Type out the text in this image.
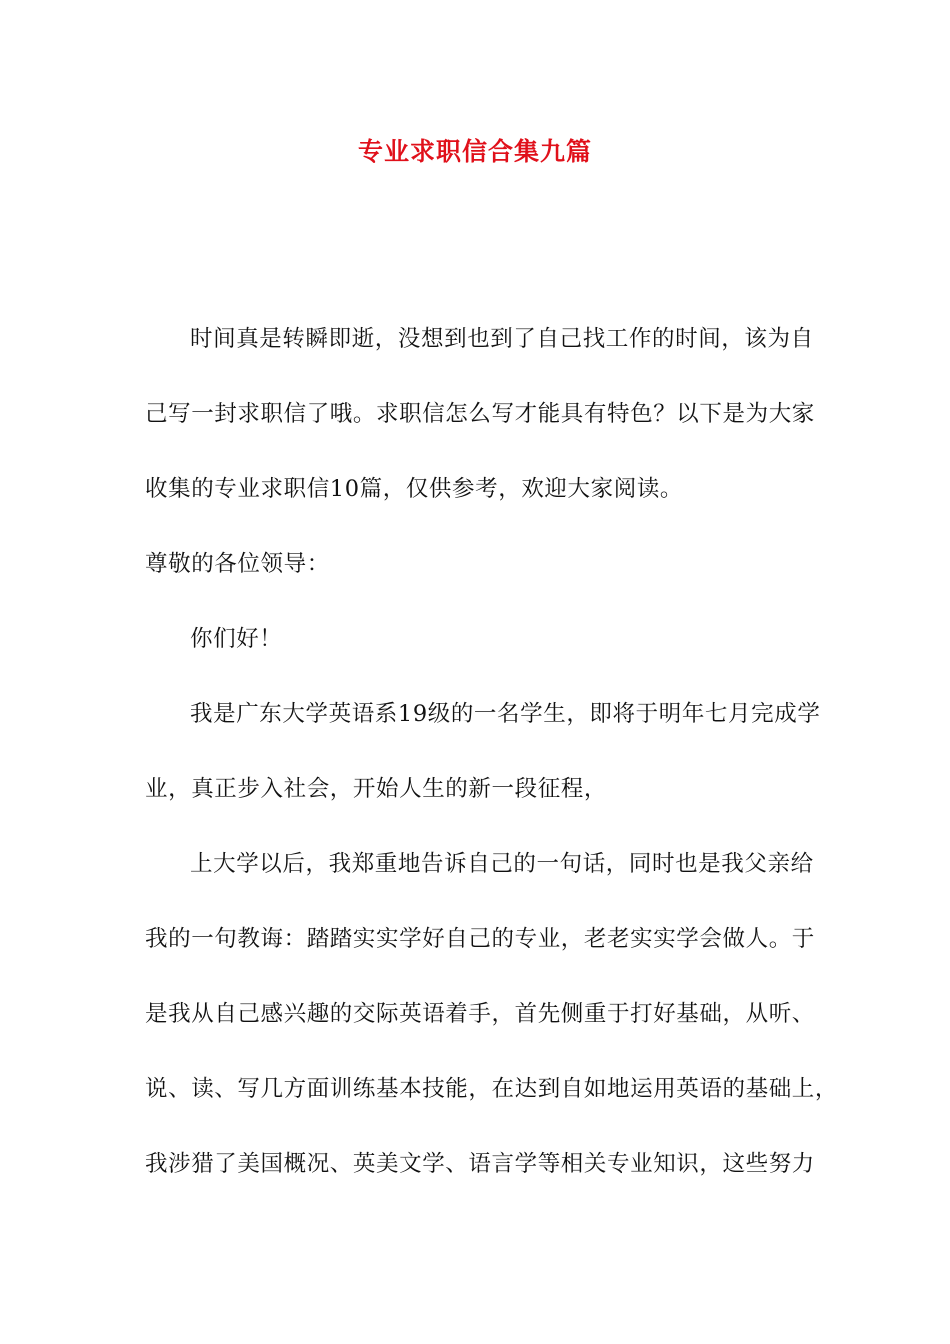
专业求职信合集九篇
时间真是转瞬即逝，没想到也到了自己找工作的时间，该为自
己写一封求职信了哦。求职信怎么写才能具有特色？以下是为大家
收集的专业求职信10篇，仅供参考，欢迎大家阅读。
尊敬的各位领导：
你们好！
我是广东大学英语系19级的一名学生，即将于明年七月完成学
业，真正步入社会，开始人生的新一段征程，
上大学以后，我郑重地告诉自己的一句话，同时也是我父亲给
我的一句教诲：踏踏实实学好自己的专业，老老实实学会做人。于
是我从自己感兴趣的交际英语着手，首先侧重于打好基础，从听、
说、读、写几方面训练基本技能，在达到自如地运用英语的基础上，
我涉猎了美国概况、英美文学、语言学等相关专业知识，这些努力
